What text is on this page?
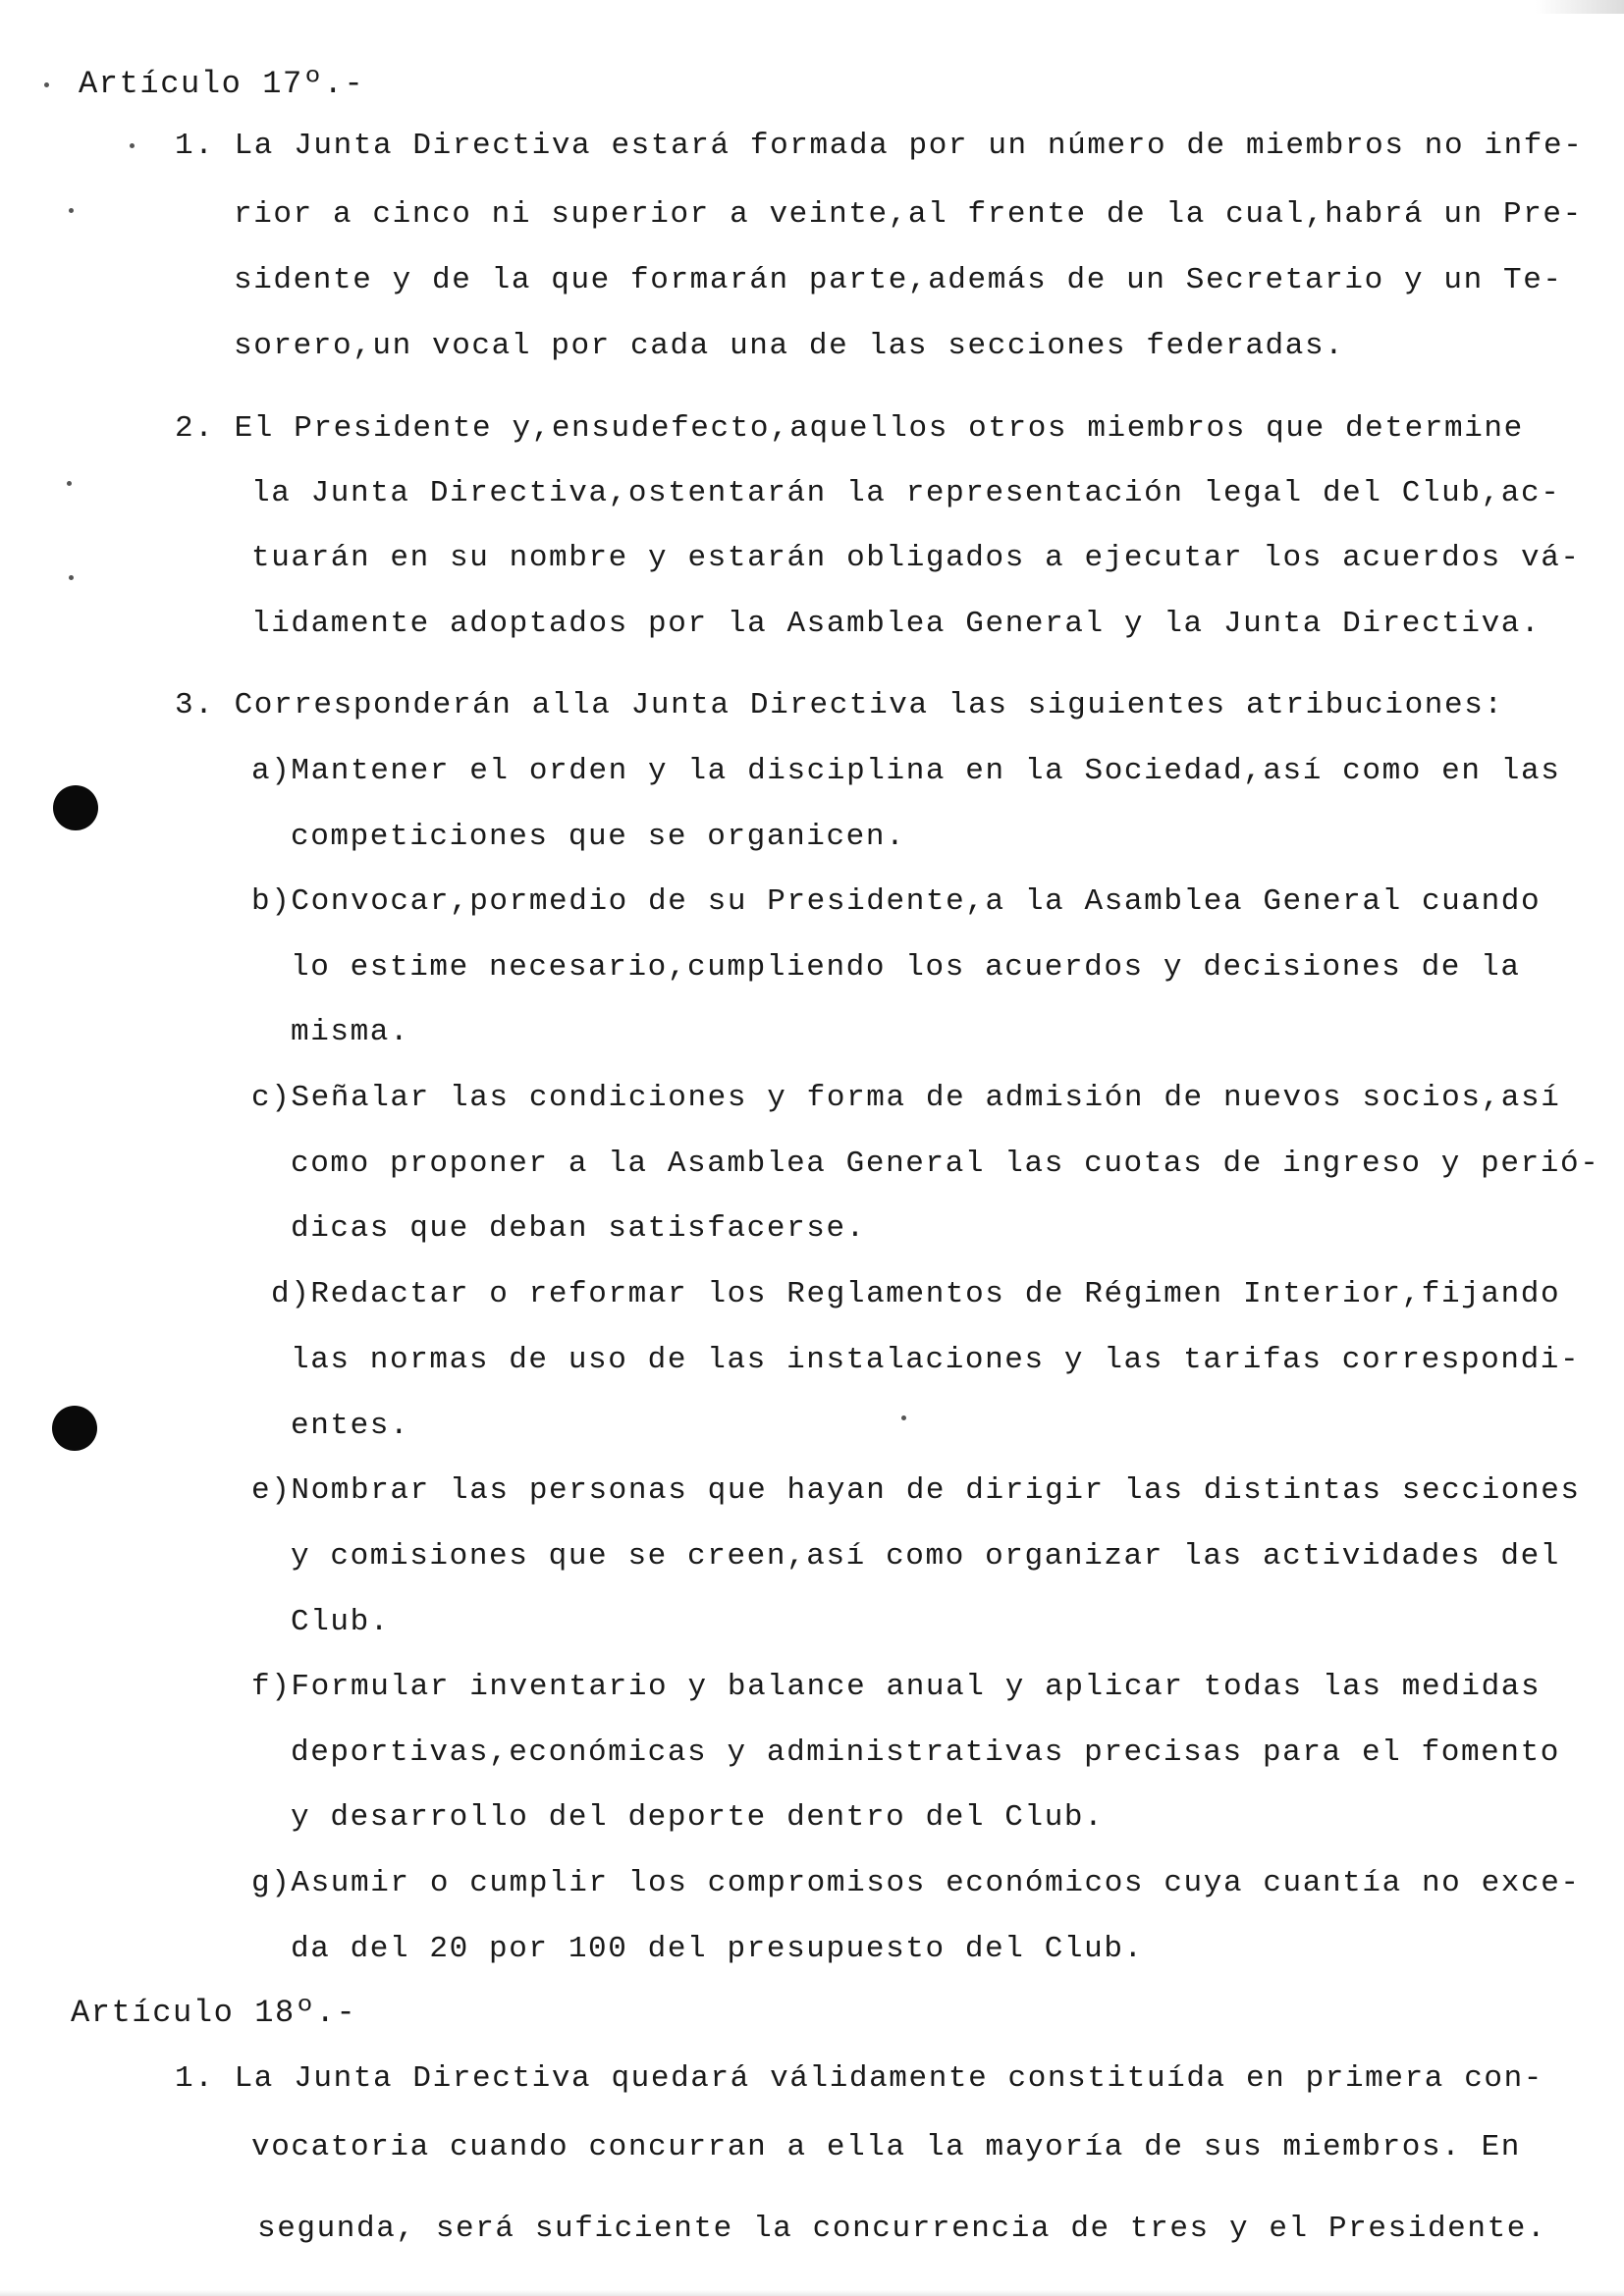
Artículo 17º.-
1. La Junta Directiva estará formada por un número de miembros no infe-
rior a cinco ni superior a veinte,al frente de la cual,habrá un Pre-
sidente y de la que formarán parte,además de un Secretario y un Te-
sorero,un vocal por cada una de las secciones federadas.
2. El Presidente y,ensudefecto,aquellos otros miembros que determine
la Junta Directiva,ostentarán la representación legal del Club,ac-
tuarán en su nombre y estarán obligados a ejecutar los acuerdos vá-
lidamente adoptados por la Asamblea General y la Junta Directiva.
3. Corresponderán alla Junta Directiva las siguientes atribuciones:
a)Mantener el orden y la disciplina en la Sociedad,así como en las
competiciones que se organicen.
b)Convocar,pormedio de su Presidente,a la Asamblea General cuando
lo estime necesario,cumpliendo los acuerdos y decisiones de la
misma.
c)Señalar las condiciones y forma de admisión de nuevos socios,así
como proponer a la Asamblea General las cuotas de ingreso y perió-
dicas que deban satisfacerse.
d)Redactar o reformar los Reglamentos de Régimen Interior,fijando
las normas de uso de las instalaciones y las tarifas correspondi-
entes.
e)Nombrar las personas que hayan de dirigir las distintas secciones
y comisiones que se creen,así como organizar las actividades del
Club.
f)Formular inventario y balance anual y aplicar todas las medidas
deportivas,económicas y administrativas precisas para el fomento
y desarrollo del deporte dentro del Club.
g)Asumir o cumplir los compromisos económicos cuya cuantía no exce-
da del 20 por 100 del presupuesto del Club.
Artículo 18º.-
1. La Junta Directiva quedará válidamente constituída en primera con-
vocatoria cuando concurran a ella la mayoría de sus miembros. En
segunda, será suficiente la concurrencia de tres y el Presidente.
